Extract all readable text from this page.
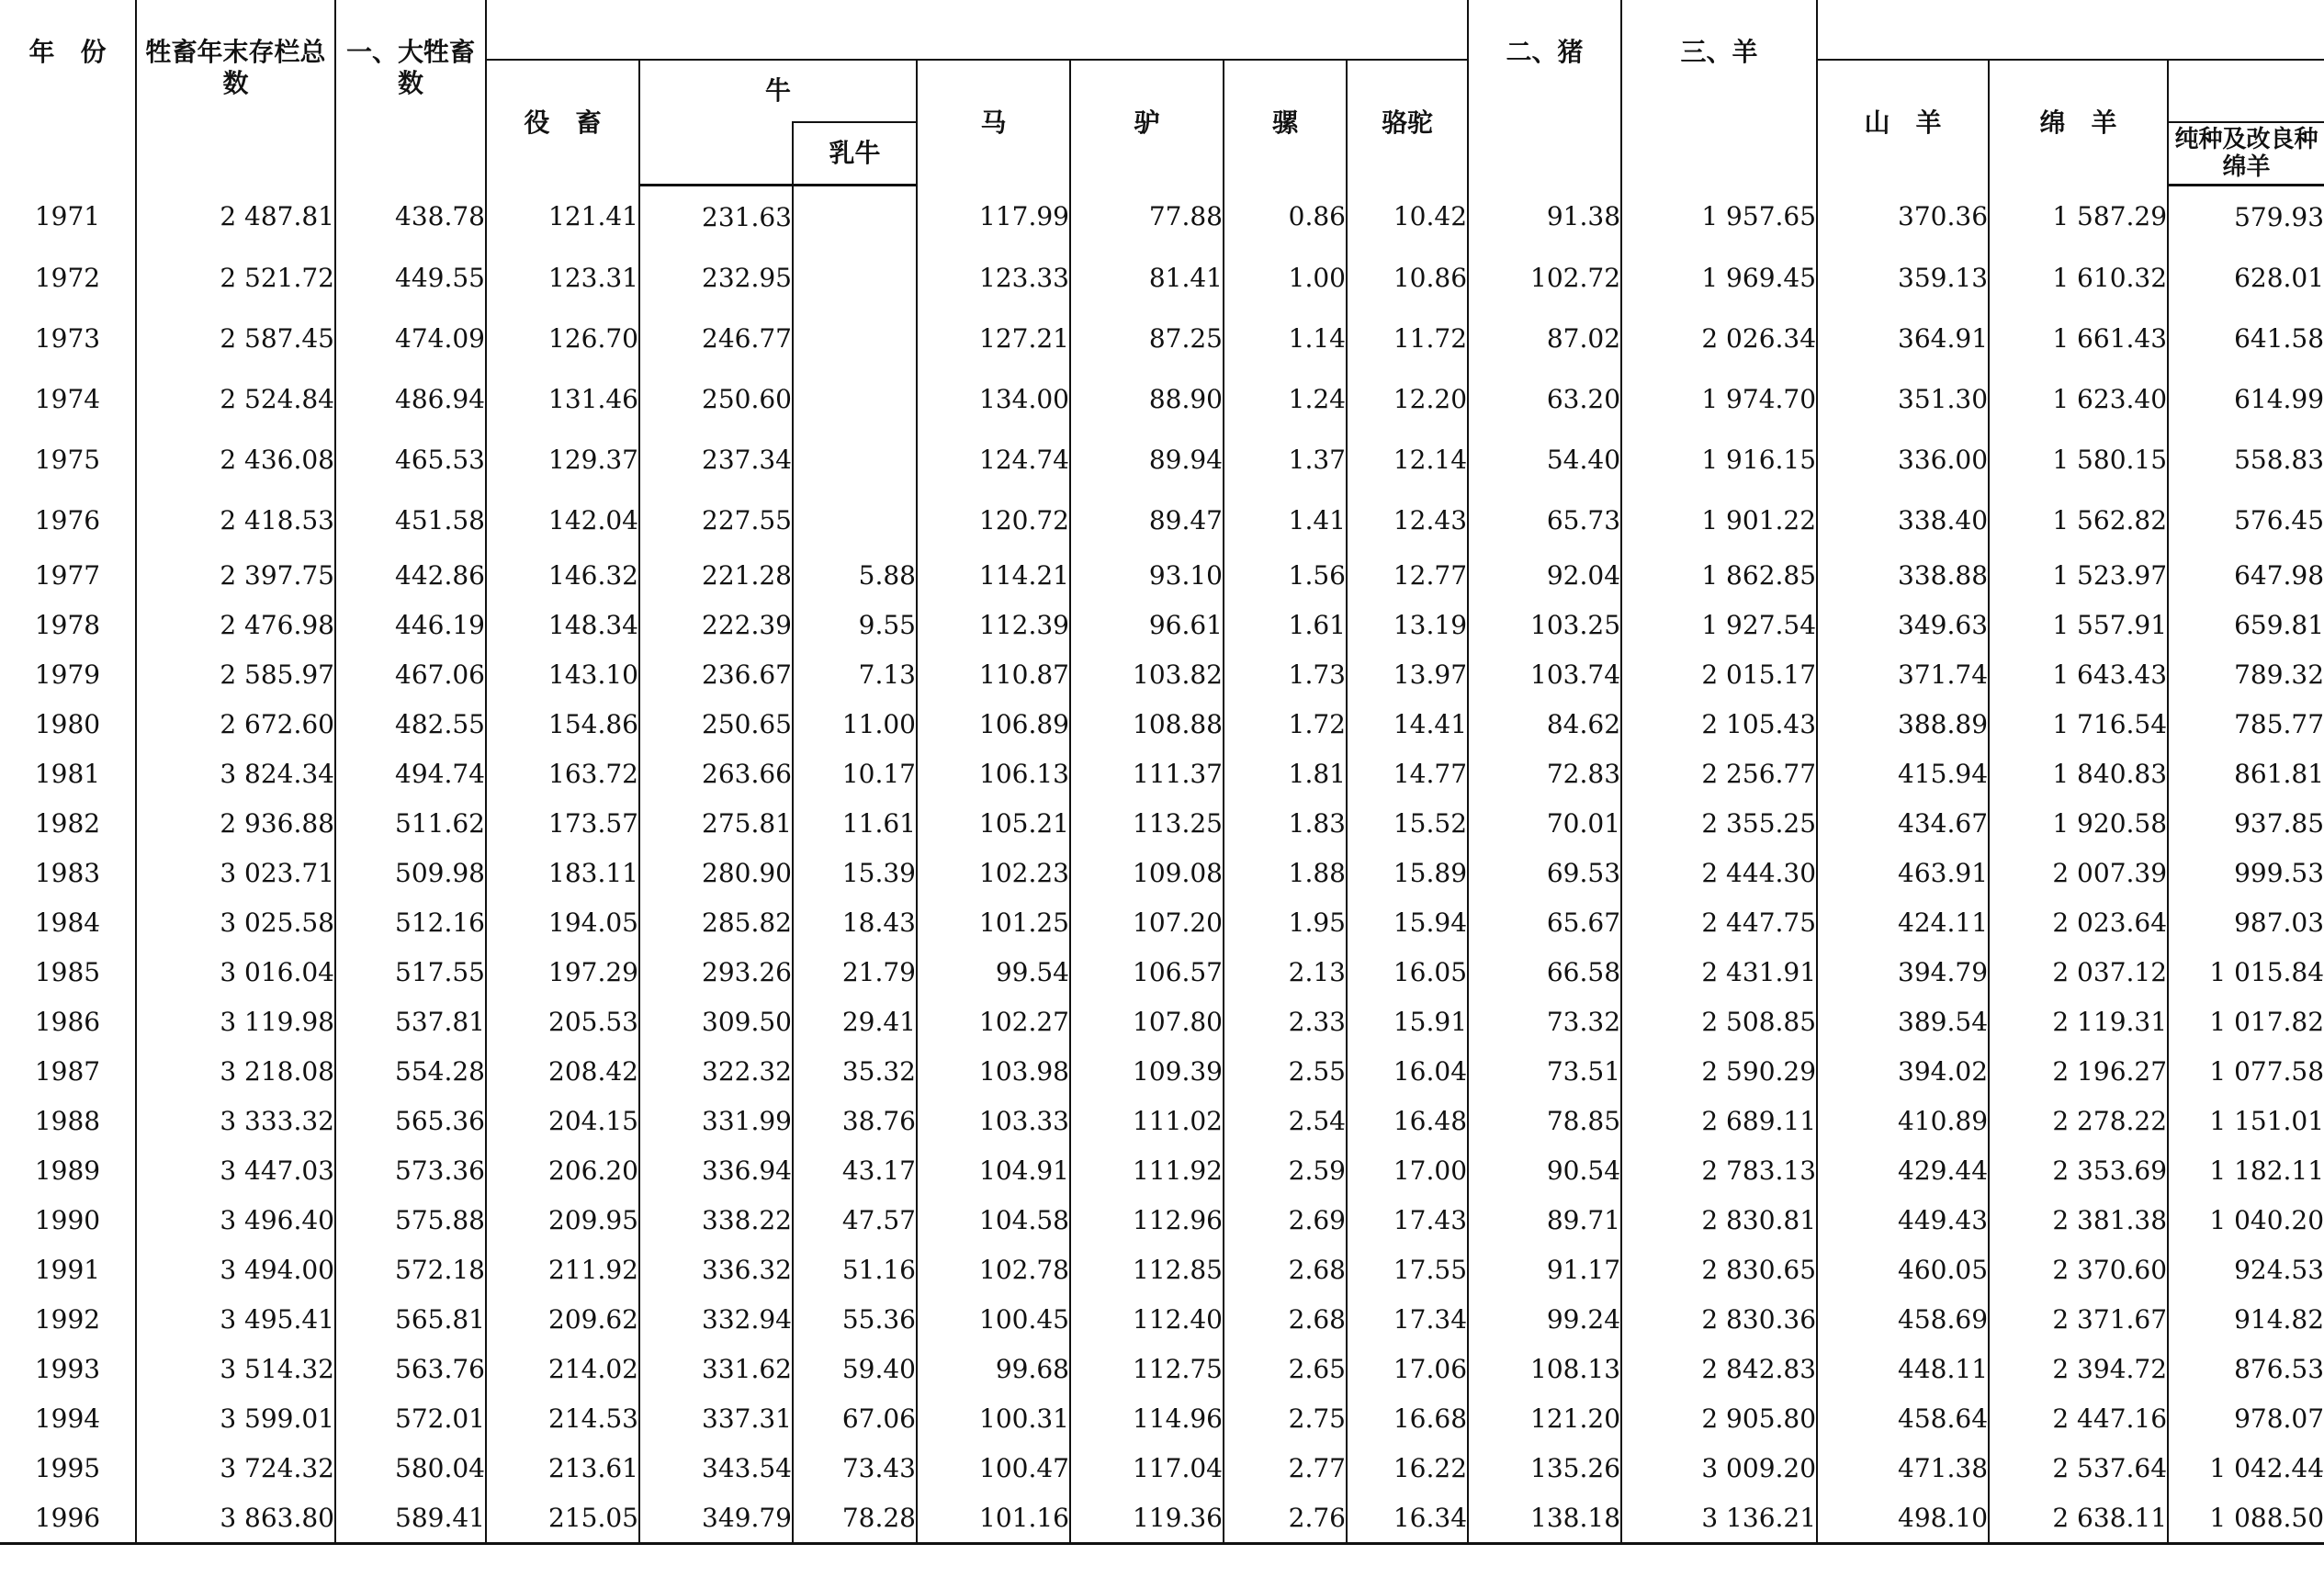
年　份	牲畜年末存栏总数	一、大牲畜数								二、猪	三、羊			
			役　畜	牛		马	驴	骡	骆驼			山　羊	绵　羊	
					乳牛									纯种及改良种绵羊
1971	2 487.81	438.78	121.41	231.63		117.99	77.88	0.86	10.42	91.38	1 957.65	370.36	1 587.29	579.93
1972	2 521.72	449.55	123.31	232.95		123.33	81.41	1.00	10.86	102.72	1 969.45	359.13	1 610.32	628.01
1973	2 587.45	474.09	126.70	246.77		127.21	87.25	1.14	11.72	87.02	2 026.34	364.91	1 661.43	641.58
1974	2 524.84	486.94	131.46	250.60		134.00	88.90	1.24	12.20	63.20	1 974.70	351.30	1 623.40	614.99
1975	2 436.08	465.53	129.37	237.34		124.74	89.94	1.37	12.14	54.40	1 916.15	336.00	1 580.15	558.83
1976	2 418.53	451.58	142.04	227.55		120.72	89.47	1.41	12.43	65.73	1 901.22	338.40	1 562.82	576.45
1977	2 397.75	442.86	146.32	221.28	5.88	114.21	93.10	1.56	12.77	92.04	1 862.85	338.88	1 523.97	647.98
1978	2 476.98	446.19	148.34	222.39	9.55	112.39	96.61	1.61	13.19	103.25	1 927.54	349.63	1 557.91	659.81
1979	2 585.97	467.06	143.10	236.67	7.13	110.87	103.82	1.73	13.97	103.74	2 015.17	371.74	1 643.43	789.32
1980	2 672.60	482.55	154.86	250.65	11.00	106.89	108.88	1.72	14.41	84.62	2 105.43	388.89	1 716.54	785.77
1981	3 824.34	494.74	163.72	263.66	10.17	106.13	111.37	1.81	14.77	72.83	2 256.77	415.94	1 840.83	861.81
1982	2 936.88	511.62	173.57	275.81	11.61	105.21	113.25	1.83	15.52	70.01	2 355.25	434.67	1 920.58	937.85
1983	3 023.71	509.98	183.11	280.90	15.39	102.23	109.08	1.88	15.89	69.53	2 444.30	463.91	2 007.39	999.53
1984	3 025.58	512.16	194.05	285.82	18.43	101.25	107.20	1.95	15.94	65.67	2 447.75	424.11	2 023.64	987.03
1985	3 016.04	517.55	197.29	293.26	21.79	99.54	106.57	2.13	16.05	66.58	2 431.91	394.79	2 037.12	1 015.84
1986	3 119.98	537.81	205.53	309.50	29.41	102.27	107.80	2.33	15.91	73.32	2 508.85	389.54	2 119.31	1 017.82
1987	3 218.08	554.28	208.42	322.32	35.32	103.98	109.39	2.55	16.04	73.51	2 590.29	394.02	2 196.27	1 077.58
1988	3 333.32	565.36	204.15	331.99	38.76	103.33	111.02	2.54	16.48	78.85	2 689.11	410.89	2 278.22	1 151.01
1989	3 447.03	573.36	206.20	336.94	43.17	104.91	111.92	2.59	17.00	90.54	2 783.13	429.44	2 353.69	1 182.11
1990	3 496.40	575.88	209.95	338.22	47.57	104.58	112.96	2.69	17.43	89.71	2 830.81	449.43	2 381.38	1 040.20
1991	3 494.00	572.18	211.92	336.32	51.16	102.78	112.85	2.68	17.55	91.17	2 830.65	460.05	2 370.60	924.53
1992	3 495.41	565.81	209.62	332.94	55.36	100.45	112.40	2.68	17.34	99.24	2 830.36	458.69	2 371.67	914.82
1993	3 514.32	563.76	214.02	331.62	59.40	99.68	112.75	2.65	17.06	108.13	2 842.83	448.11	2 394.72	876.53
1994	3 599.01	572.01	214.53	337.31	67.06	100.31	114.96	2.75	16.68	121.20	2 905.80	458.64	2 447.16	978.07
1995	3 724.32	580.04	213.61	343.54	73.43	100.47	117.04	2.77	16.22	135.26	3 009.20	471.38	2 537.64	1 042.44
1996	3 863.80	589.41	215.05	349.79	78.28	101.16	119.36	2.76	16.34	138.18	3 136.21	498.10	2 638.11	1 088.50
